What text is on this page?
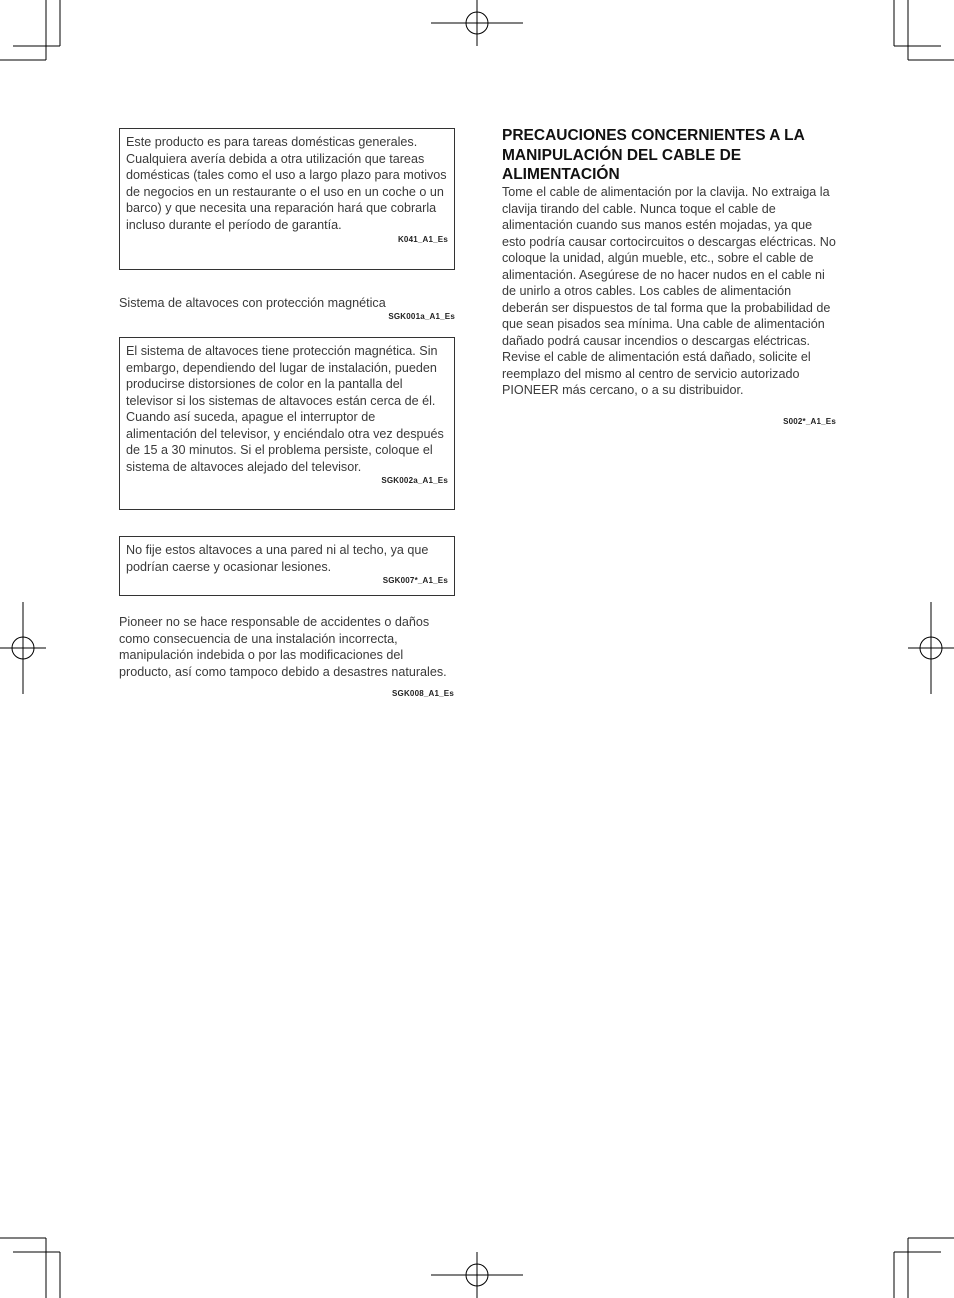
Este producto es para tareas domésticas generales. Cualquiera avería debida a otra utilización que tareas domésticas (tales como el uso a largo plazo para motivos de negocios en un restaurante o el uso en un coche o un barco) y que necesita una reparación hará que cobrarla incluso durante el período de garantía.

K041_A1_Es
Sistema de altavoces con protección magnética
SGK001a_A1_Es

El sistema de altavoces tiene protección magnética. Sin embargo, dependiendo del lugar de instalación, pueden producirse distorsiones de color en la pantalla del televisor si los sistemas de altavoces están cerca de él. Cuando así suceda, apague el interruptor de alimentación del televisor, y enciéndalo otra vez después de 15 a 30 minutos. Si el problema persiste, coloque el sistema de altavoces alejado del televisor.

SGK002a_A1_Es

No fije estos altavoces a una pared ni al techo, ya que podrían caerse y ocasionar lesiones.

SGK007*_A1_Es

Pioneer no se hace responsable de accidentes o daños como consecuencia de una instalación incorrecta, manipulación indebida o por las modificaciones del producto, así como tampoco debido a desastres naturales.

SGK008_A1_Es
PRECAUCIONES CONCERNIENTES A LA MANIPULACIÓN DEL CABLE DE ALIMENTACIÓN

Tome el cable de alimentación por la clavija. No extraiga la clavija tirando del cable. Nunca toque el cable de alimentación cuando sus manos estén mojadas, ya que esto podría causar cortocircuitos o descargas eléctricas. No coloque la unidad, algún mueble, etc., sobre el cable de alimentación. Asegúrese de no hacer nudos en el cable ni de unirlo a otros cables. Los cables de alimentación deberán ser dispuestos de tal forma que la probabilidad de que sean pisados sea mínima. Una cable de alimentación dañado podrá causar incendios o descargas eléctricas. Revise el cable de alimentación está dañado, solicite el reemplazo del mismo al centro de servicio autorizado PIONEER más cercano, o a su distribuidor.

S002*_A1_Es
